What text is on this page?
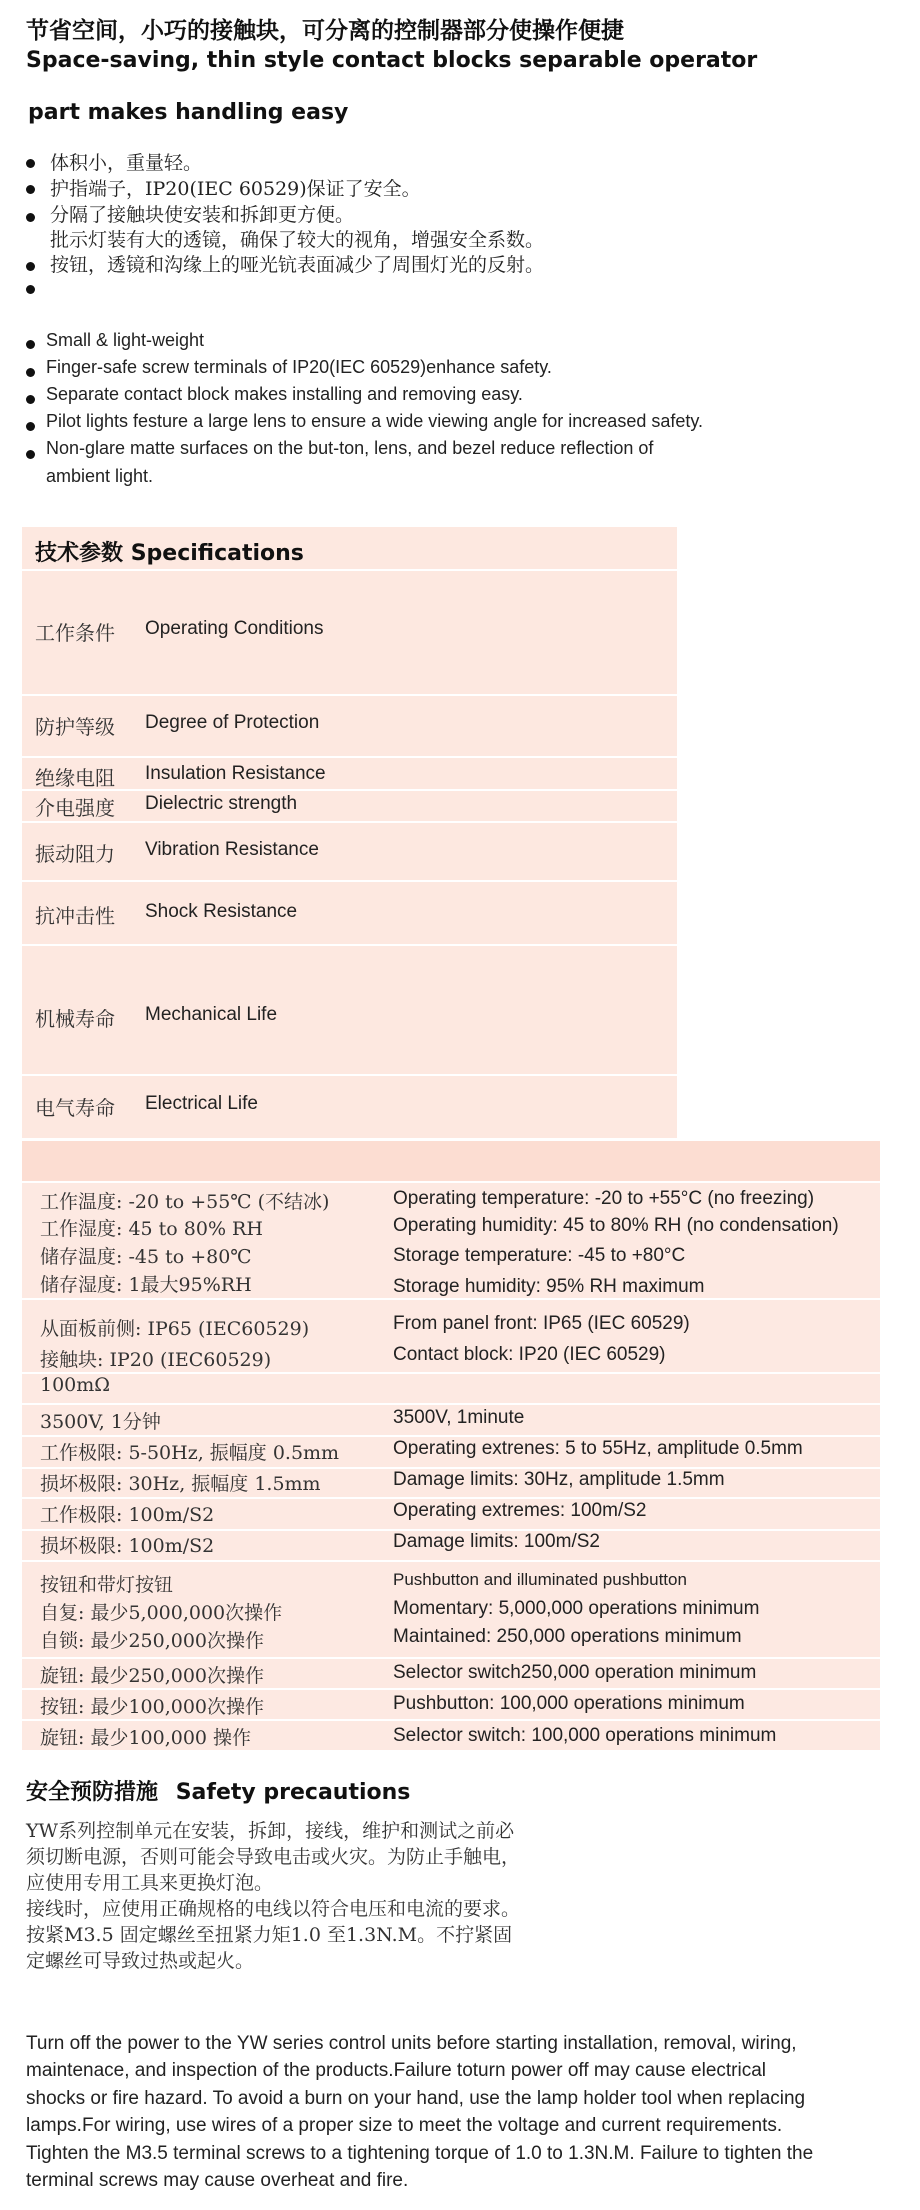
节省空间，小巧的接触块，可分离的控制器部分使操作便捷
Space-saving, thin style contact blocks separable operator
part makes handling easy
体积小，重量轻。
护指端子，IP20(IEC 60529)保证了安全。
分隔了接触块使安装和拆卸更方便。
批示灯装有大的透镜，确保了较大的视角，增强安全系数。
按钮，透镜和沟缘上的哑光钪表面减少了周围灯光的反射。
Small & light-weight
Finger-safe screw terminals of IP20(IEC 60529)enhance safety.
Separate contact block makes installing and removing easy.
Pilot lights festure a large lens to ensure a wide viewing angle for increased safety.
Non-glare matte surfaces on the but-ton, lens, and bezel reduce reflection of
ambient light.
技术参数 Specifications
工作条件 Operating Conditions
防护等级 Degree of Protection
绝缘电阻 Insulation Resistance
介电强度 Dielectric strength
振动阻力 Vibration Resistance
抗冲击性 Shock Resistance
机械寿命 Mechanical Life
电气寿命 Electrical Life
工作温度: -20 to +55℃ (不结冰)	Operating temperature: -20 to +55°C (no freezing)
工作湿度: 45 to 80% RH	Operating humidity: 45 to 80% RH (no condensation)
储存温度: -45 to +80℃	Storage temperature: -45 to +80°C
储存湿度: 1最大95%RH	Storage humidity: 95% RH maximum
从面板前侧: IP65 (IEC60529)	From panel front: IP65 (IEC 60529)
接触块: IP20 (IEC60529)	Contact block: IP20 (IEC 60529)
100mΩ
3500V, 1分钟	3500V, 1minute
工作极限: 5-50Hz, 振幅度 0.5mm	Operating extrenes: 5 to 55Hz, amplitude 0.5mm
损坏极限: 30Hz, 振幅度 1.5mm	Damage limits: 30Hz, amplitude 1.5mm
工作极限: 100m/S2	Operating extremes: 100m/S2
损坏极限: 100m/S2	Damage limits: 100m/S2
按钮和带灯按钮	Pushbutton and illuminated pushbutton
自复: 最少5,000,000次操作	Momentary: 5,000,000 operations minimum
自锁: 最少250,000次操作	Maintained: 250,000 operations minimum
旋钮: 最少250,000次操作	Selector switch250,000 operation minimum
按钮: 最少100,000次操作	Pushbutton: 100,000 operations minimum
旋钮: 最少100,000 操作	Selector switch: 100,000 operations minimum
安全预防措施 Safety precautions
YW系列控制单元在安装，拆卸，接线，维护和测试之前必
须切断电源，否则可能会导致电击或火灾。为防止手触电，
应使用专用工具来更换灯泡。
接线时，应使用正确规格的电线以符合电压和电流的要求。
按紧M3.5 固定螺丝至扭紧力矩1.0 至1.3N.M。不拧紧固
定螺丝可导致过热或起火。
Turn off the power to the YW series control units before starting installation, removal, wiring,
maintenace, and inspection of the products.Failure toturn power off may cause electrical
shocks or fire hazard. To avoid a burn on your hand, use the lamp holder tool when replacing
lamps.For wiring, use wires of a proper size to meet the voltage and current requirements.
Tighten the M3.5 terminal screws to a tightening torque of 1.0 to 1.3N.M. Failure to tighten the
terminal screws may cause overheat and fire.
